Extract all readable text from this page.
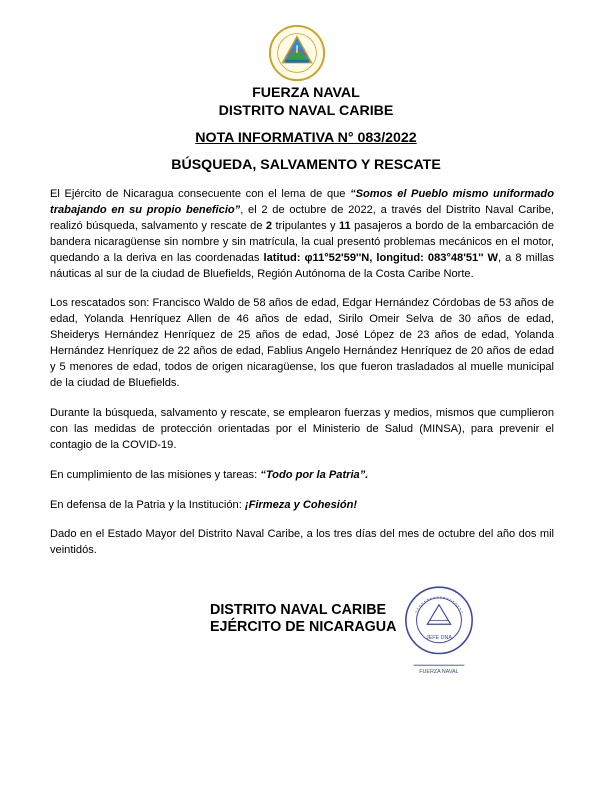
FUERZA NAVAL
DISTRITO NAVAL CARIBE
NOTA INFORMATIVA N° 083/2022
BÚSQUEDA, SALVAMENTO Y RESCATE

El Ejército de Nicaragua consecuente con el lema de que “Somos el Pueblo mismo uniformado trabajando en su propio beneficio”, el 2 de octubre de 2022, a través del Distrito Naval Caribe, realizó búsqueda, salvamento y rescate de 2 tripulantes y 11 pasajeros a bordo de la embarcación de bandera nicaragüense sin nombre y sin matrícula, la cual presentó problemas mecánicos en el motor, quedando a la deriva en las coordenadas latitud: φ11°52'59''N, longitud: 083°48'51'' W, a 8 millas náuticas al sur de la ciudad de Bluefields, Región Autónoma de la Costa Caribe Norte.

Los rescatados son: Francisco Waldo de 58 años de edad, Edgar Hernández Córdobas de 53 años de edad, Yolanda Henríquez Allen de 46 años de edad, Sirilo Omeir Selva de 30 años de edad, Sheiderys Hernández Henríquez de 25 años de edad, José López de 23 años de edad, Yolanda Hernández Henríquez de 22 años de edad, Fablius Angelo Hernández Henríquez de 20 años de edad y 5 menores de edad, todos de origen nicaragüense, los que fueron trasladados al muelle municipal de la ciudad de Bluefields.

Durante la búsqueda, salvamento y rescate, se emplearon fuerzas y medios, mismos que cumplieron con las medidas de protección orientadas por el Ministerio de Salud (MINSA), para prevenir el contagio de la COVID-19.

En cumplimiento de las misiones y tareas: “Todo por la Patria”.

En defensa de la Patria y la Institución: ¡Firmeza y Cohesión!

Dado en el Estado Mayor del Distrito Naval Caribe, a los tres días del mes de octubre del año dos mil veintidós.

DISTRITO NAVAL CARIBE
EJÉRCITO DE NICARAGUA
JEFE DNA
FUERZA NAVAL
